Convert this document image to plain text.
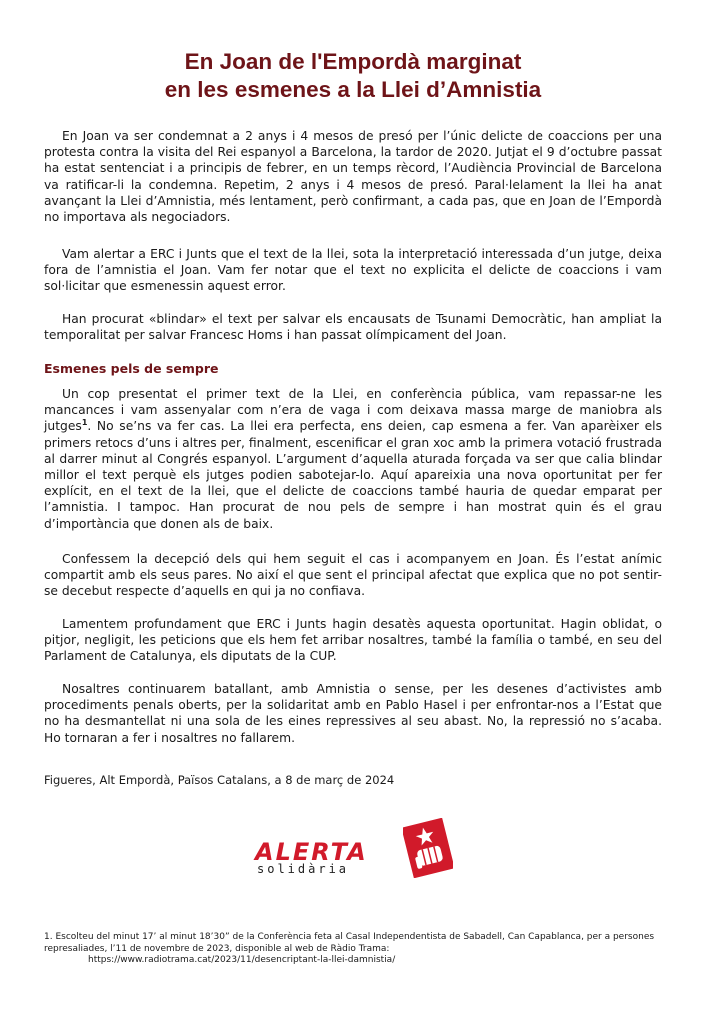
En Joan de l'Empordà marginat
en les esmenes a la Llei d’Amnistia

En Joan va ser condemnat a 2 anys i 4 mesos de presó per l’únic delicte de coaccions per una protesta contra la visita del Rei espanyol a Barcelona, la tardor de 2020. Jutjat el 9 d’octubre passat ha estat sentenciat i a principis de febrer, en un temps rècord, l’Audiència Provincial de Barcelona va ratificar-li la condemna. Repetim, 2 anys i 4 mesos de presó. Paral·lelament la llei ha anat avançant la Llei d’Amnistia, més lentament, però confirmant, a cada pas, que en Joan de l’Empordà no importava als negociadors.

Vam alertar a ERC i Junts que el text de la llei, sota la interpretació interessada d’un jutge, deixa fora de l’amnistia el Joan. Vam fer notar que el text no explicita el delicte de coaccions i vam sol·licitar que esmenessin aquest error.

Han procurat «blindar» el text per salvar els encausats de Tsunami Democràtic, han ampliat la temporalitat per salvar Francesc Homs i han passat olímpicament del Joan.

Esmenes pels de sempre

Un cop presentat el primer text de la Llei, en conferència pública, vam repassar-ne les mancances i vam assenyalar com n’era de vaga i com deixava massa marge de maniobra als jutges$^1$. No se’ns va fer cas. La llei era perfecta, ens deien, cap esmena a fer. Van aparèixer els primers retocs d’uns i altres per, finalment, escenificar el gran xoc amb la primera votació frustrada al darrer minut al Congrés espanyol. L’argument d’aquella aturada forçada va ser que calia blindar millor el text perquè els jutges podien sabotejar-lo. Aquí apareixia una nova oportunitat per fer explícit, en el text de la llei, que el delicte de coaccions també hauria de quedar emparat per l’amnistia. I tampoc. Han procurat de nou pels de sempre i han mostrat quin és el grau d’importància que donen als de baix.

Confessem la decepció dels qui hem seguit el cas i acompanyem en Joan. És l’estat anímic compartit amb els seus pares. No així el que sent el principal afectat que explica que no pot sentir-se decebut respecte d’aquells en qui ja no confiava.

Lamentem profundament que ERC i Junts hagin desatès aquesta oportunitat. Hagin oblidat, o pitjor, negligit, les peticions que els hem fet arribar nosaltres, també la família o també, en seu del Parlament de Catalunya, els diputats de la CUP.

Nosaltres continuarem batallant, amb Amnistia o sense, per les desenes d’activistes amb procediments penals oberts, per la solidaritat amb en Pablo Hasel i per enfrontar-nos a l’Estat que no ha desmantellat ni una sola de les eines repressives al seu abast. No, la repressió no s’acaba. Ho tornaran a fer i nosaltres no fallarem.

Figueres, Alt Empordà, Països Catalans, a 8 de març de 2024
ALERTA
solidària
1. Escolteu del minut 17’ al minut 18’30” de la Conferència feta al Casal Independentista de Sabadell, Can Capablanca, per a persones represaliades, l’11 de novembre de 2023, disponible al web de Ràdio Trama:
https://www.radiotrama.cat/2023/11/desencriptant-la-llei-damnistia/
